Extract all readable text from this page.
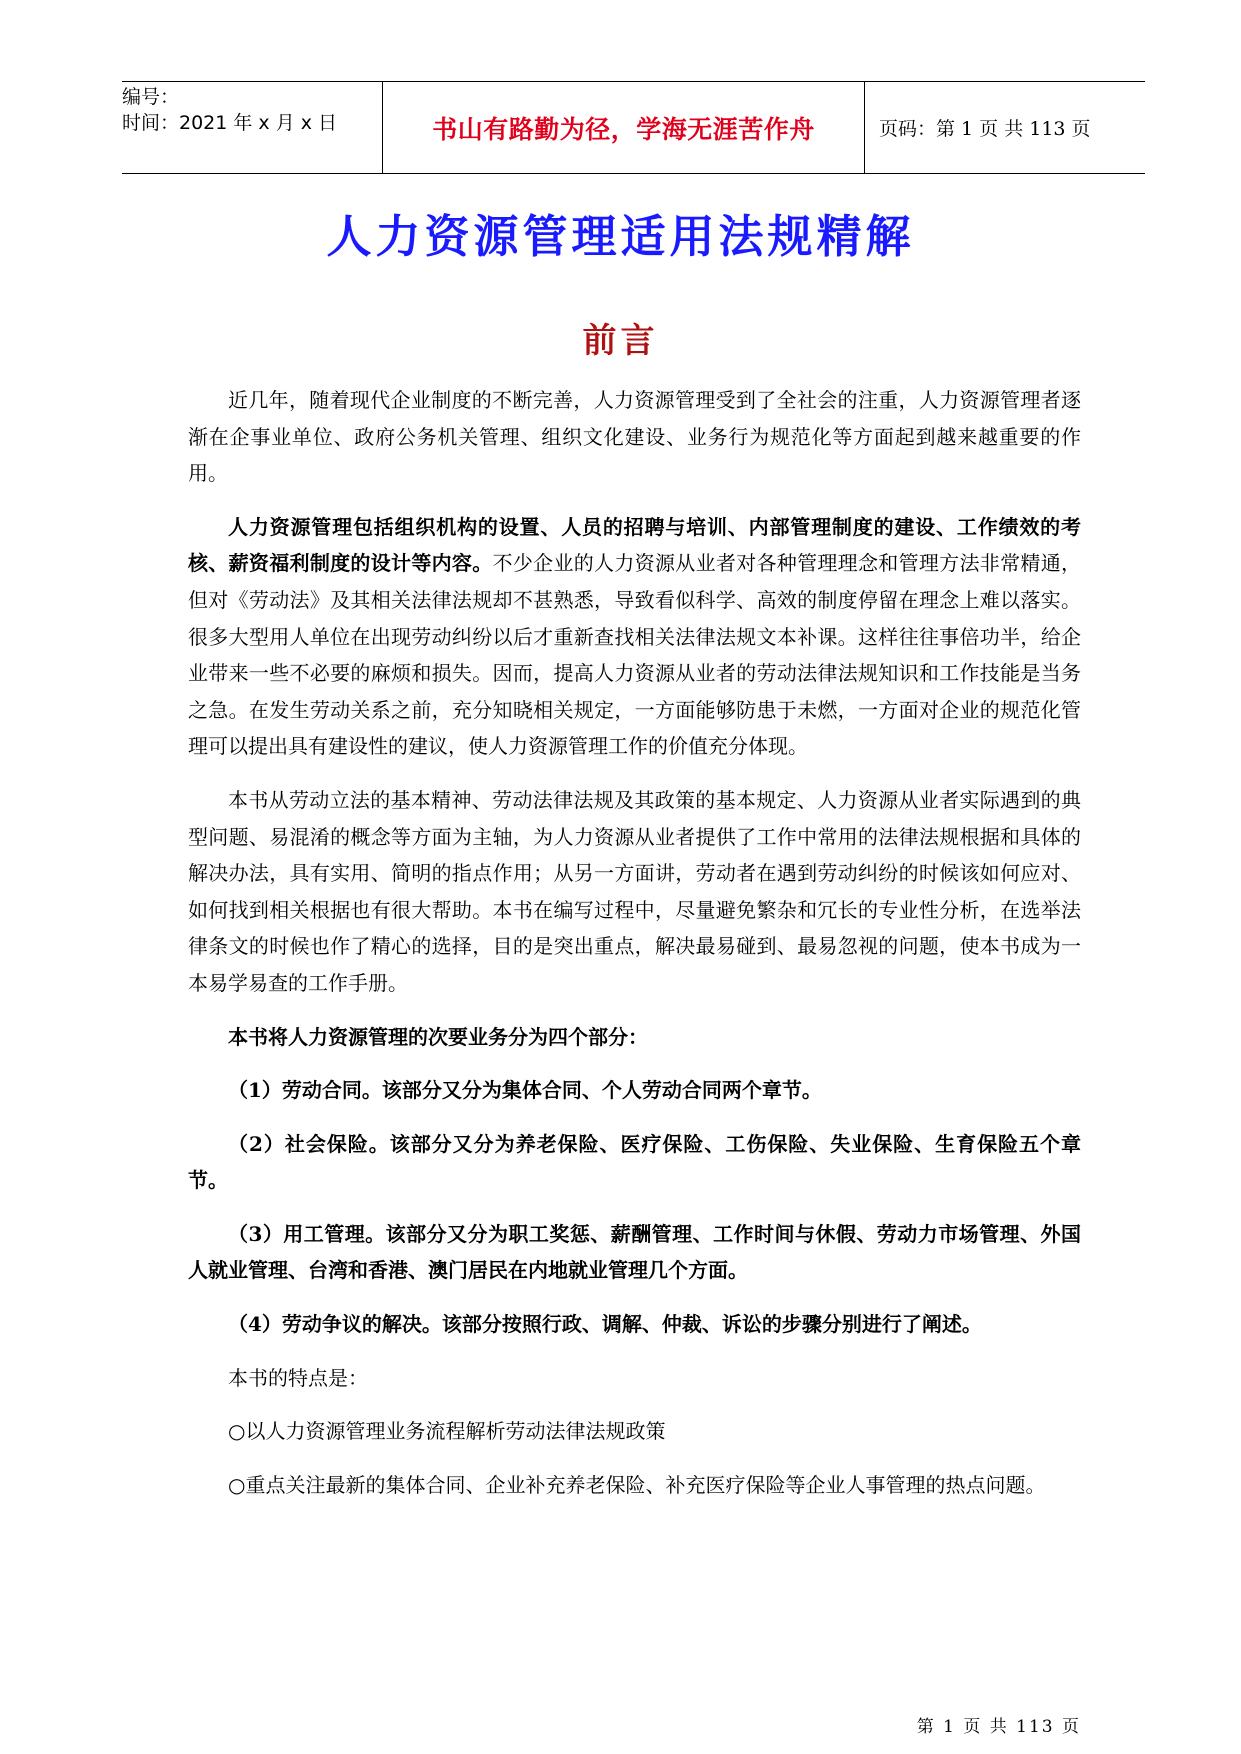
编号：
时间：2021 年 x 月 x 日	书山有路勤为径，学海无涯苦作舟	页码：第 1 页 共 113 页
人力资源管理适用法规精解
前言

近几年，随着现代企业制度的不断完善，人力资源管理受到了全社会的注重，人力资源管理者逐渐在企事业单位、政府公务机关管理、组织文化建设、业务行为规范化等方面起到越来越重要的作用。

人力资源管理包括组织机构的设置、人员的招聘与培训、内部管理制度的建设、工作绩效的考核、薪资福利制度的设计等内容。不少企业的人力资源从业者对各种管理理念和管理方法非常精通，但对《劳动法》及其相关法律法规却不甚熟悉，导致看似科学、高效的制度停留在理念上难以落实。很多大型用人单位在出现劳动纠纷以后才重新查找相关法律法规文本补课。这样往往事倍功半，给企业带来一些不必要的麻烦和损失。因而，提高人力资源从业者的劳动法律法规知识和工作技能是当务之急。在发生劳动关系之前，充分知晓相关规定，一方面能够防患于未燃，一方面对企业的规范化管理可以提出具有建设性的建议，使人力资源管理工作的价值充分体现。

本书从劳动立法的基本精神、劳动法律法规及其政策的基本规定、人力资源从业者实际遇到的典型问题、易混淆的概念等方面为主轴，为人力资源从业者提供了工作中常用的法律法规根据和具体的解决办法，具有实用、简明的指点作用；从另一方面讲，劳动者在遇到劳动纠纷的时候该如何应对、如何找到相关根据也有很大帮助。本书在编写过程中，尽量避免繁杂和冗长的专业性分析，在选举法律条文的时候也作了精心的选择，目的是突出重点，解决最易碰到、最易忽视的问题，使本书成为一本易学易查的工作手册。

本书将人力资源管理的次要业务分为四个部分：

（1）劳动合同。该部分又分为集体合同、个人劳动合同两个章节。

（2）社会保险。该部分又分为养老保险、医疗保险、工伤保险、失业保险、生育保险五个章节。

（3）用工管理。该部分又分为职工奖惩、薪酬管理、工作时间与休假、劳动力市场管理、外国人就业管理、台湾和香港、澳门居民在内地就业管理几个方面。

（4）劳动争议的解决。该部分按照行政、调解、仲裁、诉讼的步骤分别进行了阐述。

本书的特点是：

○以人力资源管理业务流程解析劳动法律法规政策

○重点关注最新的集体合同、企业补充养老保险、补充医疗保险等企业人事管理的热点问题。

第 1 页 共 113 页
